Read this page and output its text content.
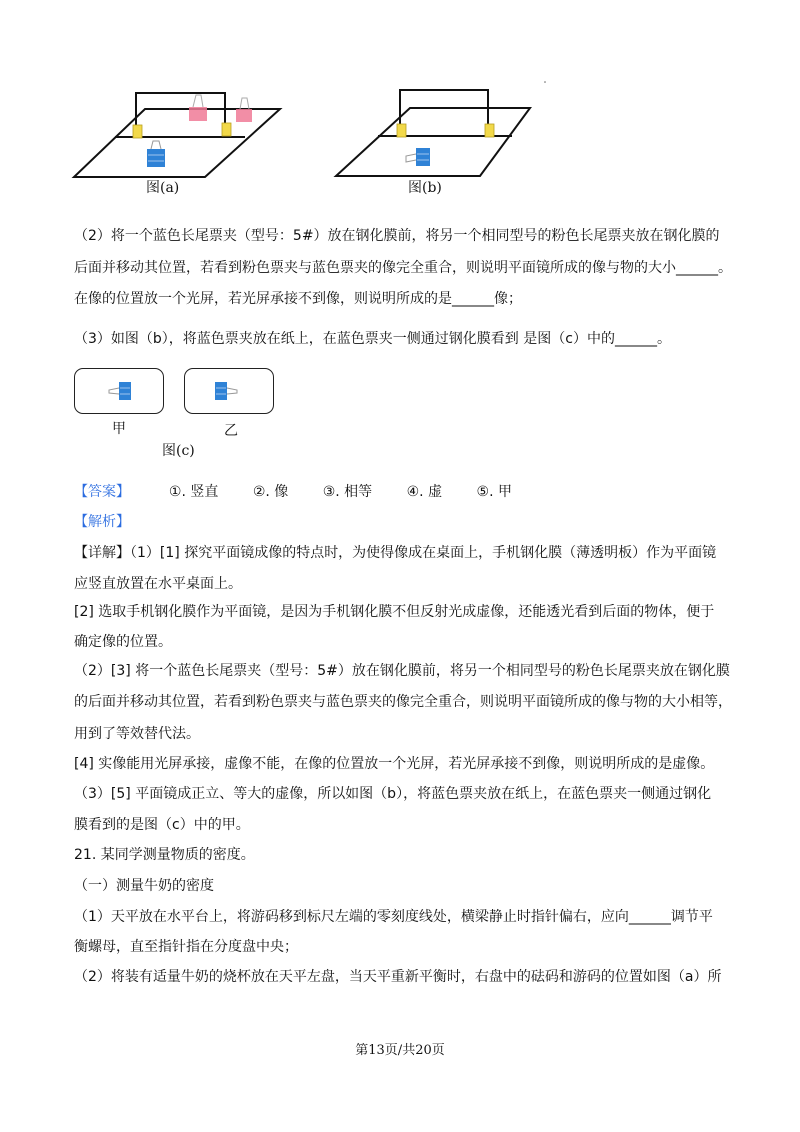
图(a)	图(b)
（2）将一个蓝色长尾票夹（型号：5#）放在钢化膜前，将另一个相同型号的粉色长尾票夹放在钢化膜的
后面并移动其位置，若看到粉色票夹与蓝色票夹的像完全重合，则说明平面镜所成的像与物的大小______。
在像的位置放一个光屏，若光屏承接不到像，则说明所成的是______像；
（3）如图（b），将蓝色票夹放在纸上，在蓝色票夹一侧通过钢化膜看到 是图（c）中的______。
甲	乙
图(c)
【答案】	①. 竖直 ②. 像 ③. 相等 ④. 虚 ⑤. 甲
【解析】
【详解】（1）[1] 探究平面镜成像的特点时，为使得像成在桌面上，手机钢化膜（薄透明板）作为平面镜
应竖直放置在水平桌面上。
[2] 选取手机钢化膜作为平面镜，是因为手机钢化膜不但反射光成虚像，还能透光看到后面的物体，便于
确定像的位置。
（2）[3] 将一个蓝色长尾票夹（型号：5#）放在钢化膜前，将另一个相同型号的粉色长尾票夹放在钢化膜
的后面并移动其位置，若看到粉色票夹与蓝色票夹的像完全重合，则说明平面镜所成的像与物的大小相等，
用到了等效替代法。
[4] 实像能用光屏承接，虚像不能，在像的位置放一个光屏，若光屏承接不到像，则说明所成的是虚像。
（3）[5] 平面镜成正立、等大的虚像，所以如图（b），将蓝色票夹放在纸上，在蓝色票夹一侧通过钢化
膜看到的是图（c）中的甲。
21. 某同学测量物质的密度。
（一）测量牛奶的密度
（1）天平放在水平台上，将游码移到标尺左端的零刻度线处，横梁静止时指针偏右，应向______调节平
衡螺母，直至指针指在分度盘中央；
（2）将装有适量牛奶的烧杯放在天平左盘，当天平重新平衡时，右盘中的砝码和游码的位置如图（a）所
第13页/共20页
